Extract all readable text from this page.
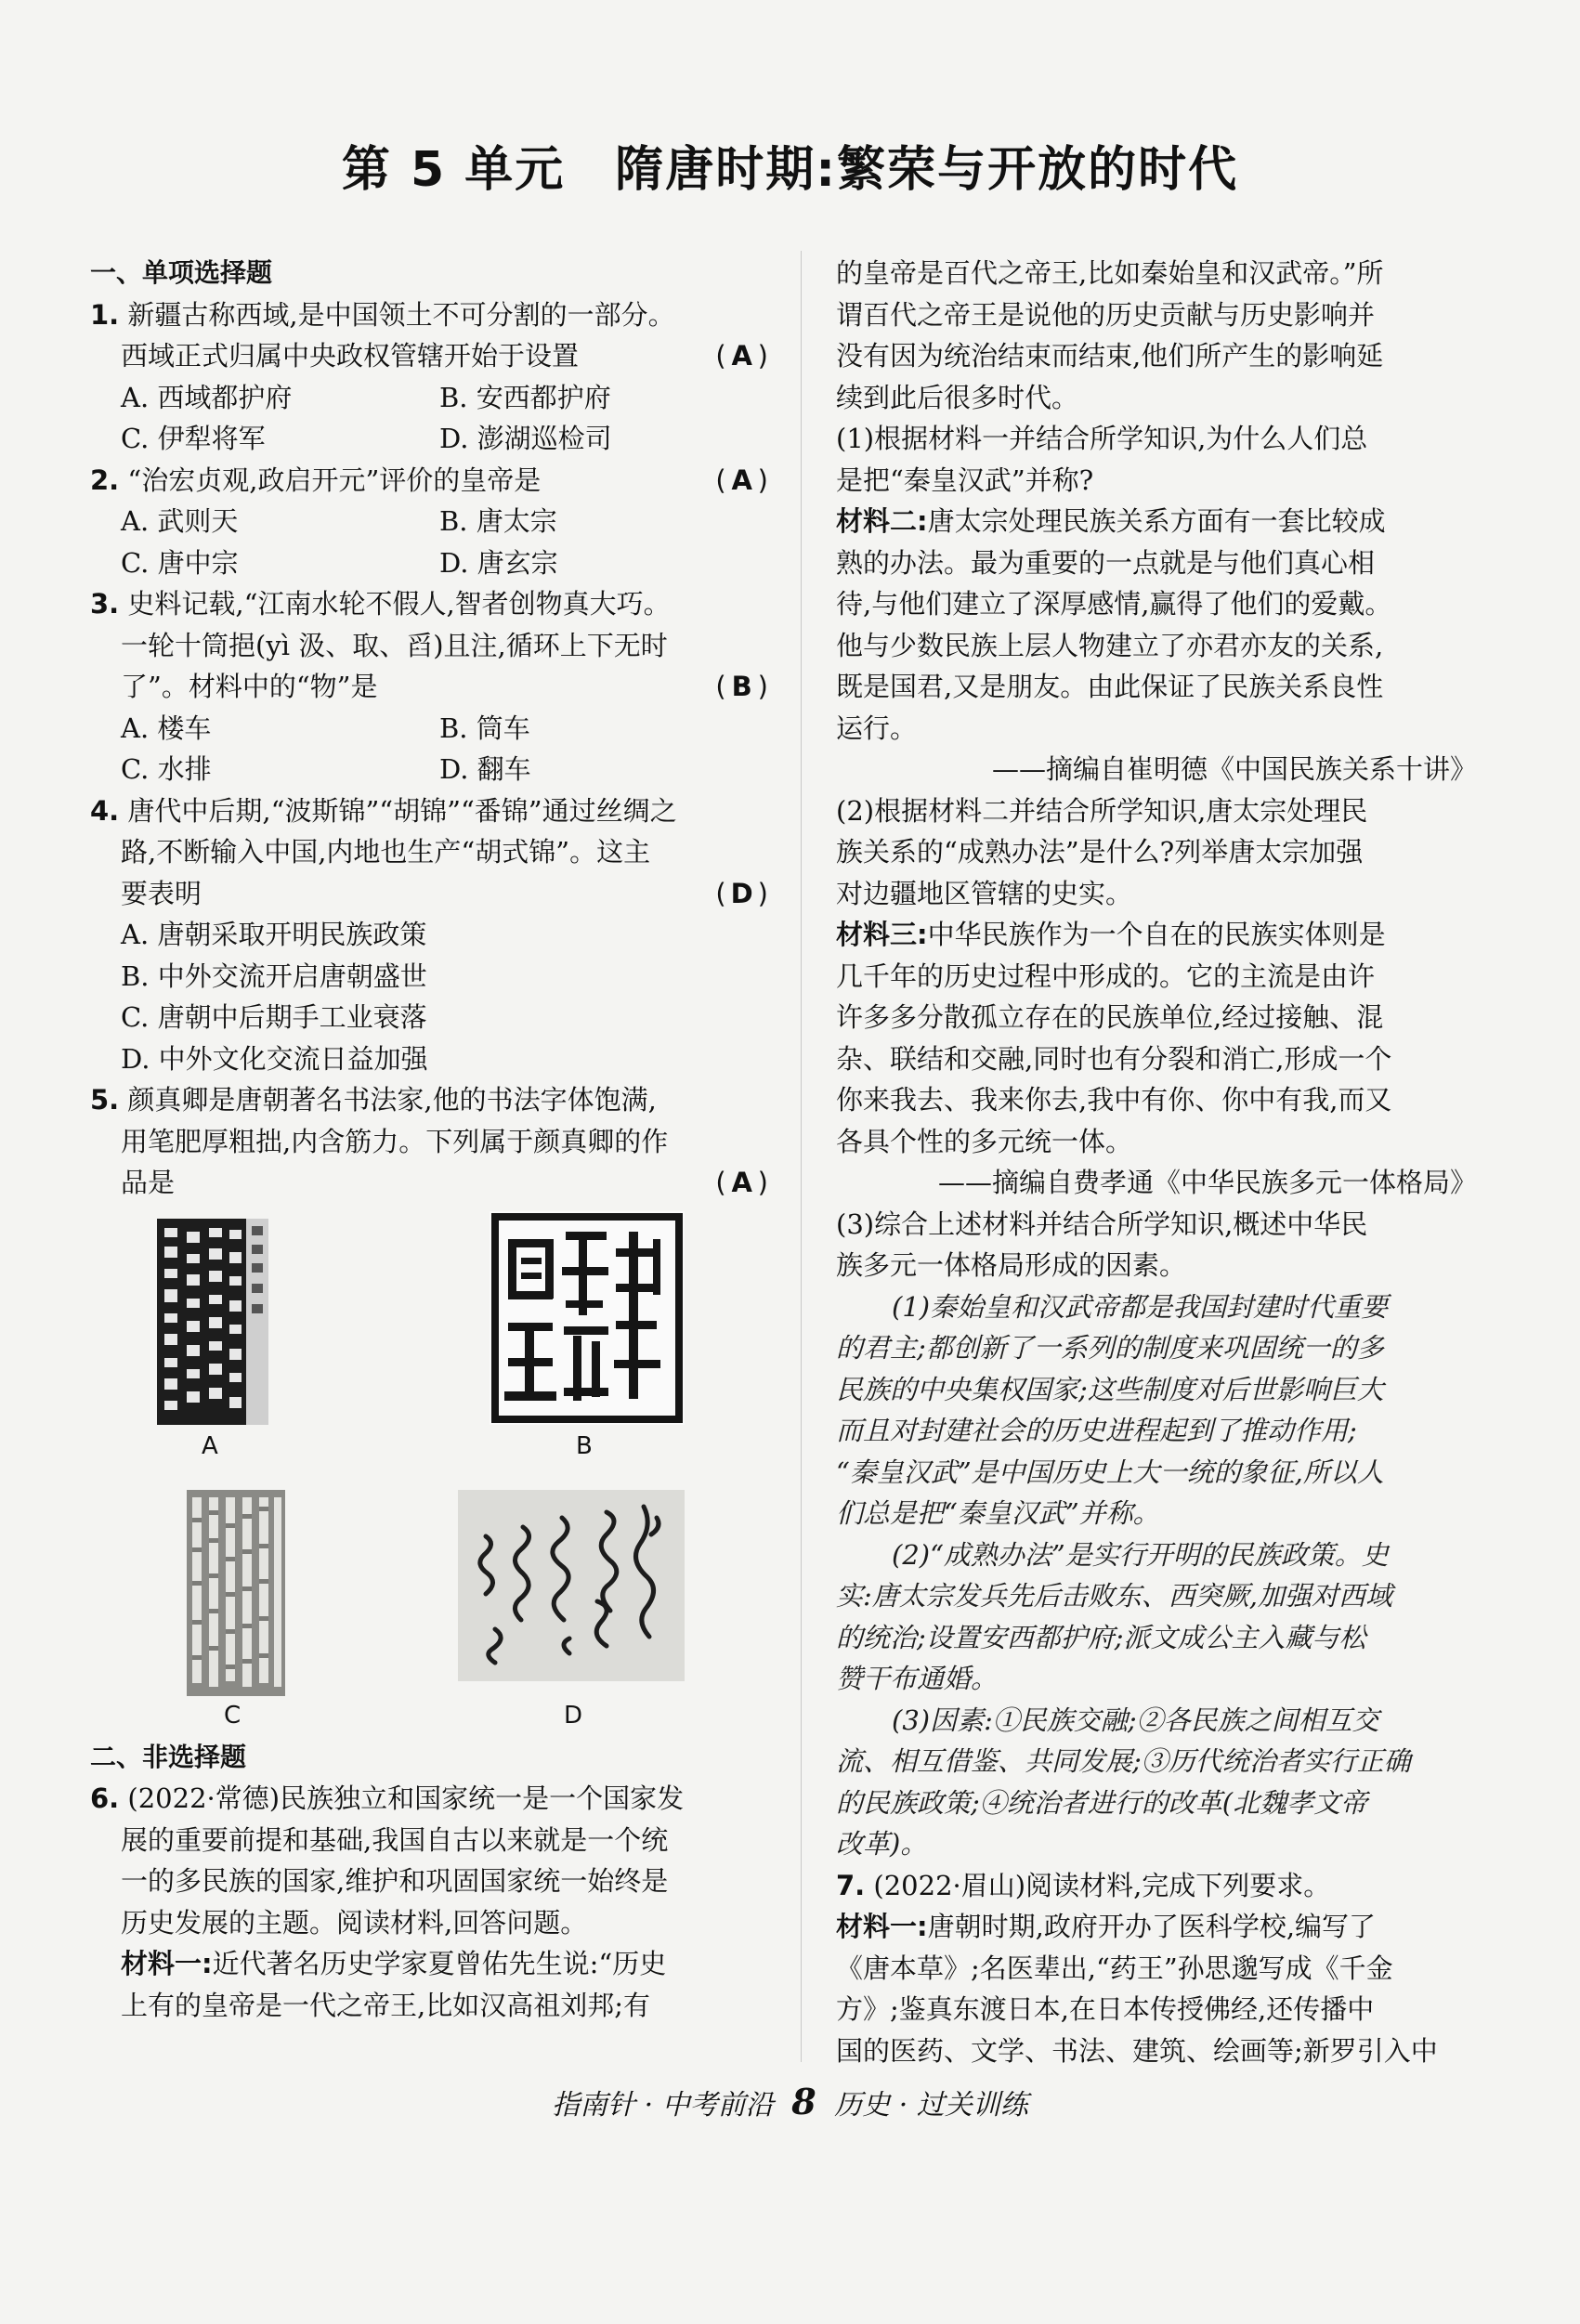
第 5 单元　隋唐时期:繁荣与开放的时代

一、单项选择题

1. 新疆古称西域,是中国领土不可分割的一部分。

西域正式归属中央政权管辖开始于设置	( A )

A. 西域都护府	B. 安西都护府

C. 伊犁将军	D. 澎湖巡检司

2. “治宏贞观,政启开元”评价的皇帝是	( A )

A. 武则天	B. 唐太宗

C. 唐中宗	D. 唐玄宗

3. 史料记载,“江南水轮不假人,智者创物真大巧。

一轮十筒挹(yì 汲、取、舀)且注,循环上下无时

了”。材料中的“物”是	( B )

A. 楼车	B. 筒车

C. 水排	D. 翻车

4. 唐代中后期,“波斯锦”“胡锦”“番锦”通过丝绸之

路,不断输入中国,内地也生产“胡式锦”。这主

要表明	( D )

A. 唐朝采取开明民族政策

B. 中外交流开启唐朝盛世

C. 唐朝中后期手工业衰落

D. 中外文化交流日益加强

5. 颜真卿是唐朝著名书法家,他的书法字体饱满,

用笔肥厚粗拙,内含筋力。下列属于颜真卿的作

品是	( A )

A	B
C	D

二、非选择题

6. (2022·常德)民族独立和国家统一是一个国家发

展的重要前提和基础,我国自古以来就是一个统

一的多民族的国家,维护和巩固国家统一始终是

历史发展的主题。阅读材料,回答问题。

材料一:近代著名历史学家夏曾佑先生说:“历史

上有的皇帝是一代之帝王,比如汉高祖刘邦;有

的皇帝是百代之帝王,比如秦始皇和汉武帝。”所

谓百代之帝王是说他的历史贡献与历史影响并

没有因为统治结束而结束,他们所产生的影响延

续到此后很多时代。

(1)根据材料一并结合所学知识,为什么人们总

是把“秦皇汉武”并称?

材料二:唐太宗处理民族关系方面有一套比较成

熟的办法。最为重要的一点就是与他们真心相

待,与他们建立了深厚感情,赢得了他们的爱戴。

他与少数民族上层人物建立了亦君亦友的关系,

既是国君,又是朋友。由此保证了民族关系良性

运行。

——摘编自崔明德《中国民族关系十讲》

(2)根据材料二并结合所学知识,唐太宗处理民

族关系的“成熟办法”是什么?列举唐太宗加强

对边疆地区管辖的史实。

材料三:中华民族作为一个自在的民族实体则是

几千年的历史过程中形成的。它的主流是由许

许多多分散孤立存在的民族单位,经过接触、混

杂、联结和交融,同时也有分裂和消亡,形成一个

你来我去、我来你去,我中有你、你中有我,而又

各具个性的多元统一体。

——摘编自费孝通《中华民族多元一体格局》

(3)综合上述材料并结合所学知识,概述中华民

族多元一体格局形成的因素。

(1)秦始皇和汉武帝都是我国封建时代重要

的君主;都创新了一系列的制度来巩固统一的多

民族的中央集权国家;这些制度对后世影响巨大

而且对封建社会的历史进程起到了推动作用;

“秦皇汉武”是中国历史上大一统的象征,所以人

们总是把“秦皇汉武”并称。

(2)“成熟办法”是实行开明的民族政策。史

实:唐太宗发兵先后击败东、西突厥,加强对西域

的统治;设置安西都护府;派文成公主入藏与松

赞干布通婚。

(3)因素:①民族交融;②各民族之间相互交

流、相互借鉴、共同发展;③历代统治者实行正确

的民族政策;④统治者进行的改革(北魏孝文帝

改革)。

7. (2022·眉山)阅读材料,完成下列要求。

材料一:唐朝时期,政府开办了医科学校,编写了

《唐本草》;名医辈出,“药王”孙思邈写成《千金

方》;鉴真东渡日本,在日本传授佛经,还传播中

国的医药、文学、书法、建筑、绘画等;新罗引入中

指南针 · 中考前沿 8 历史 · 过关训练
